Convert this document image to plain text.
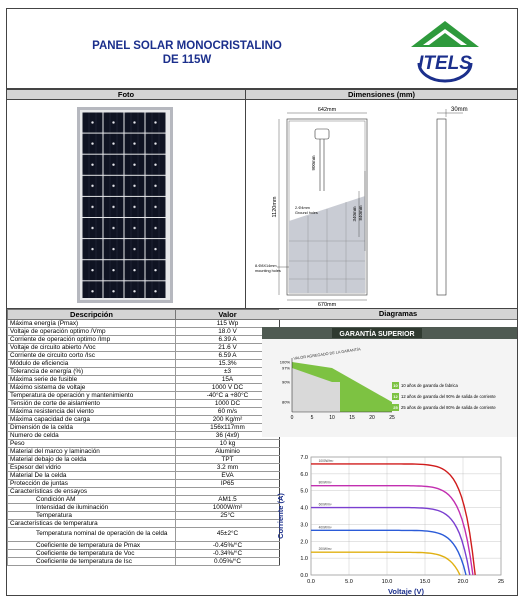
PANEL SOLAR MONOCRISTALINO
DE 115W	ITELS
Foto	Dimensiones (mm)
642mm
1120mm
900mm
340mm 840mm
2-Φ4mm
Ground holes
670mm
8-Φ8X14mm
mounting holes
30mm
Descripción	Valor
Máxima energía (Pmax)	115 Wp
Voltaje de operación optimo /Vmp	18.0 V
Corriente de operación optimo /Imp	6.39 A
Voltaje de circuito abierto /Voc	21.6 V
Corriente de circuito corto /Isc	6.59 A
Módulo de eficiencia	15.3%
Tolerancia de energía (%)	±3
Máxima serie de fusible	15A
Máximo sistema de voltaje	1000 V DC
Temperatura de operación y mantenimiento	-40°C a +80°C
Tensión de corte de aislamiento	1000 DC
Máxima resistencia del viento	60 m/s
Máxima capacidad de carga	200 Kg/m²
Dimensión de la celda	156x117mm
Numero de celda	36 (4x9)
Peso	10 kg
Material del marco y laminación	Aluminio
Material debajo de la celda	TPT
Espesor del vidrio	3.2 mm
Material De la celda	EVA
Protección de juntas	IP65
Características de ensayos	
Condición AM	AM1.5
Intensidad de iluminación	1000W/m²
Temperatura	25°C
Características de temperatura	
Temperatura nominal de operación de la celda	45±2°C
Coeficiente de temperatura de Pmax	-0.45%/°C
Coeficiente de temperatura de Voc	-0.34%/°C
Coeficiente de temperatura de Isc	0.05%/°C
Diagramas
GARANTÍA SUPERIOR
100%
97%
90%
80%
0	5	10	15	20	25
VALOR AGREGADO DE LA GARANTÍA
10 10 años de garantía de fabrica
12 12 años de garantía del 90% de salida de corriente
25 25 años de garantía del 80% de salida de corriente
0.0
1.0
2.0
3.0
4.0
5.0
6.0
7.0
0.0	5.0	10.0	15.0	20.0	25
1000W/m²
800W/m²
600W/m²
400W/m²
200W/m²
Voltaje (V)
Corriente (A)
